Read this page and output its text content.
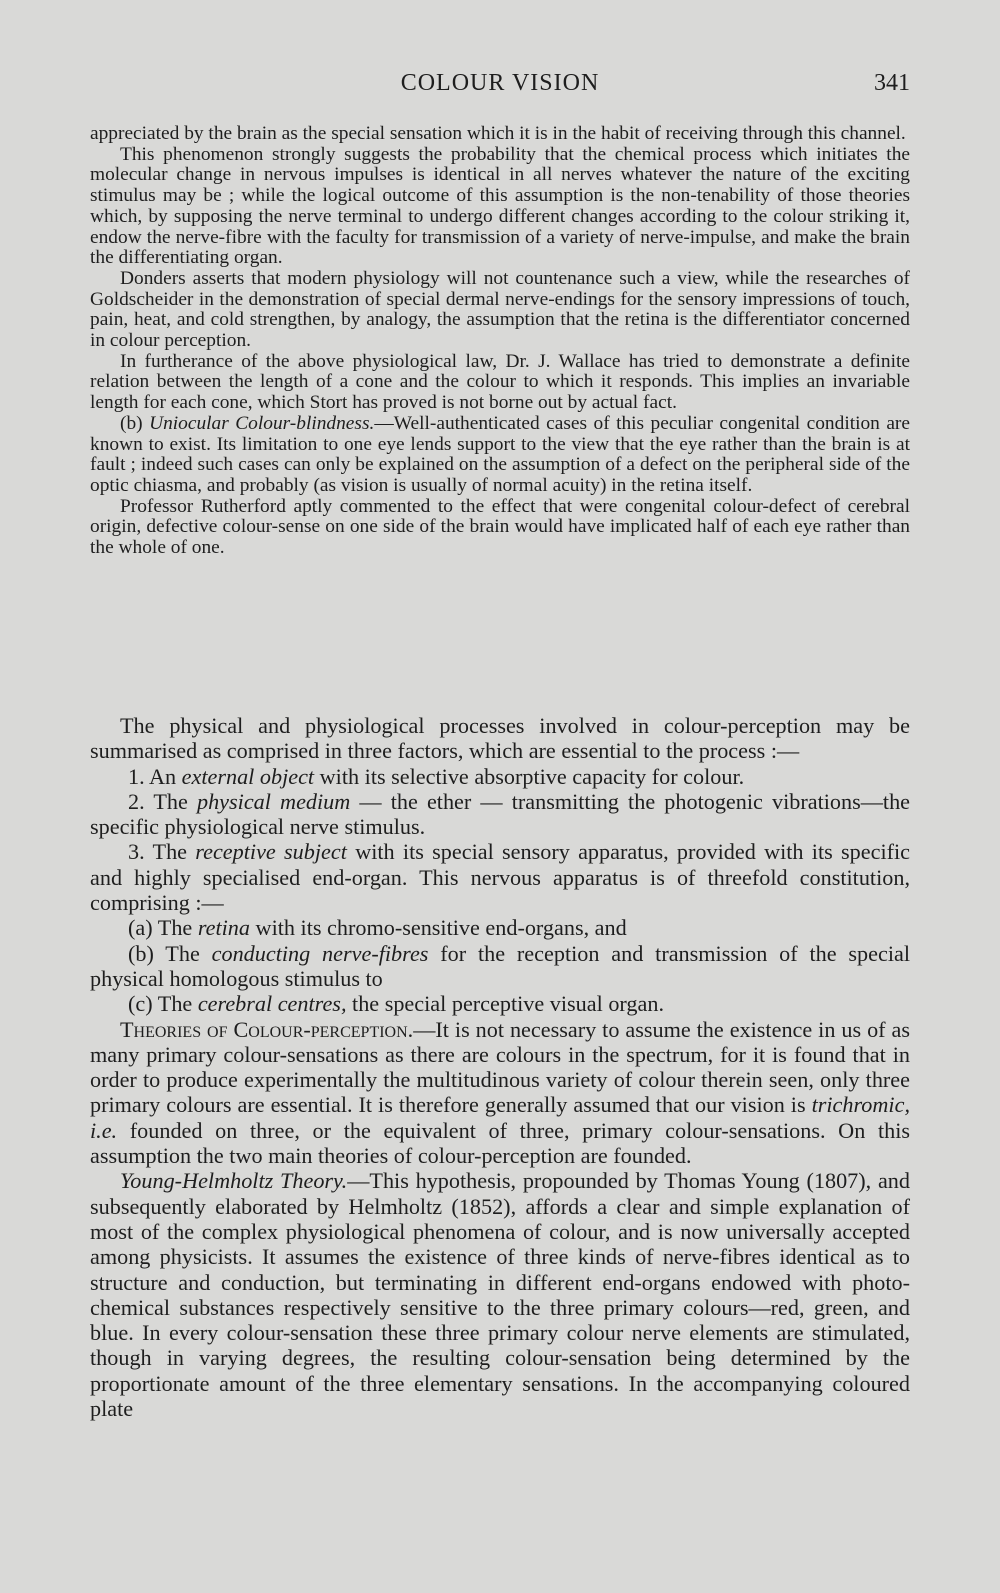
COLOUR VISION	341

appreciated by the brain as the special sensation which it is in the habit of receiving through this channel.

This phenomenon strongly suggests the probability that the chemical process which initiates the molecular change in nervous impulses is identical in all nerves whatever the nature of the exciting stimulus may be ; while the logical outcome of this assumption is the non-tenability of those theories which, by supposing the nerve terminal to undergo different changes according to the colour striking it, endow the nerve-fibre with the faculty for transmission of a variety of nerve-impulse, and make the brain the differentiating organ.

Donders asserts that modern physiology will not countenance such a view, while the researches of Goldscheider in the demonstration of special dermal nerve-endings for the sensory impressions of touch, pain, heat, and cold strengthen, by analogy, the assumption that the retina is the differentiator concerned in colour perception.

In furtherance of the above physiological law, Dr. J. Wallace has tried to demonstrate a definite relation between the length of a cone and the colour to which it responds. This implies an invariable length for each cone, which Stort has proved is not borne out by actual fact.

(b) Uniocular Colour-blindness.—Well-authenticated cases of this peculiar congenital condition are known to exist. Its limitation to one eye lends support to the view that the eye rather than the brain is at fault ; indeed such cases can only be explained on the assumption of a defect on the peripheral side of the optic chiasma, and probably (as vision is usually of normal acuity) in the retina itself.

Professor Rutherford aptly commented to the effect that were congenital colour-defect of cerebral origin, defective colour-sense on one side of the brain would have implicated half of each eye rather than the whole of one.

The physical and physiological processes involved in colour-perception may be summarised as comprised in three factors, which are essential to the process :—

1. An external object with its selective absorptive capacity for colour.

2. The physical medium — the ether — transmitting the photogenic vibrations—the specific physiological nerve stimulus.

3. The receptive subject with its special sensory apparatus, provided with its specific and highly specialised end-organ. This nervous apparatus is of threefold constitution, comprising :—

(a) The retina with its chromo-sensitive end-organs, and

(b) The conducting nerve-fibres for the reception and transmission of the special physical homologous stimulus to

(c) The cerebral centres, the special perceptive visual organ.

Theories of Colour-perception.—It is not necessary to assume the existence in us of as many primary colour-sensations as there are colours in the spectrum, for it is found that in order to produce experimentally the multitudinous variety of colour therein seen, only three primary colours are essential. It is therefore generally assumed that our vision is trichromic, i.e. founded on three, or the equivalent of three, primary colour-sensations. On this assumption the two main theories of colour-perception are founded.

Young-Helmholtz Theory.—This hypothesis, propounded by Thomas Young (1807), and subsequently elaborated by Helmholtz (1852), affords a clear and simple explanation of most of the complex physiological phenomena of colour, and is now universally accepted among physicists. It assumes the existence of three kinds of nerve-fibres identical as to structure and conduction, but terminating in different end-organs endowed with photo-chemical substances respectively sensitive to the three primary colours—red, green, and blue. In every colour-sensation these three primary colour nerve elements are stimulated, though in varying degrees, the resulting colour-sensation being determined by the proportionate amount of the three elementary sensations. In the accompanying coloured plate
